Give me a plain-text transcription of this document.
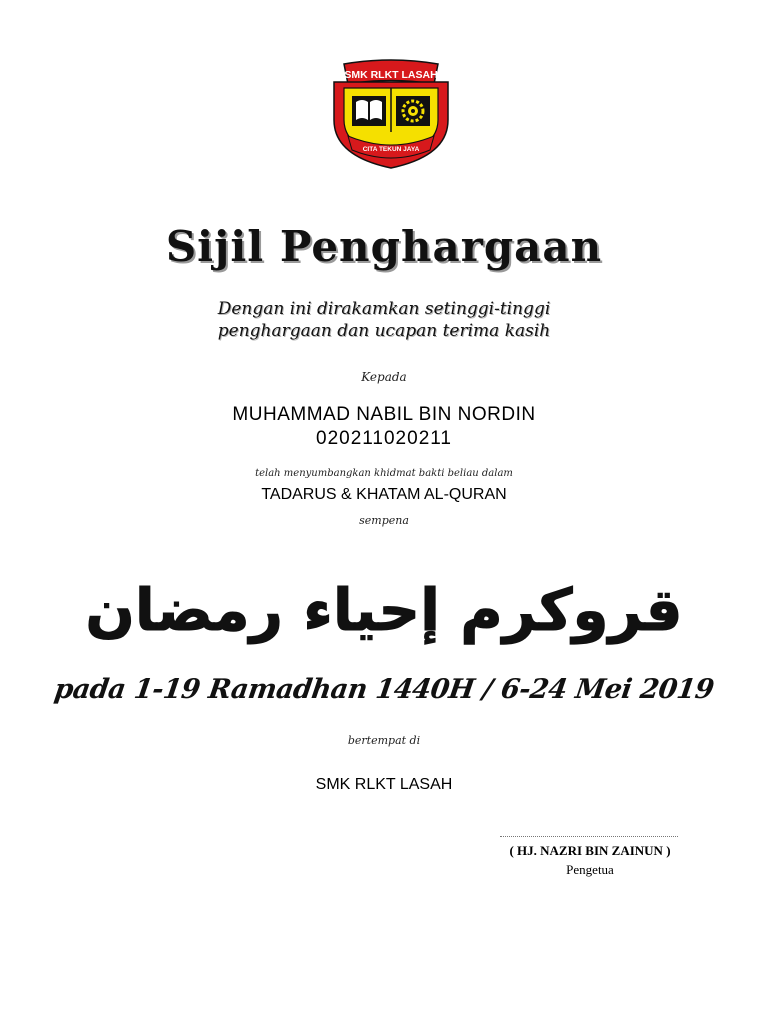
SMK RLKT LASAH
CITA TEKUN JAYA
Sijil Penghargaan
Dengan ini dirakamkan setinggi-tinggi
penghargaan dan ucapan terima kasih
Kepada
MUHAMMAD NABIL BIN NORDIN
020211020211
telah menyumbangkan khidmat bakti beliau dalam
TADARUS & KHATAM AL-QURAN
sempena
قروكرم إحياء رمضان
pada 1-19 Ramadhan 1440H / 6-24 Mei 2019
bertempat di
SMK RLKT LASAH
( HJ. NAZRI BIN ZAINUN )
Pengetua
